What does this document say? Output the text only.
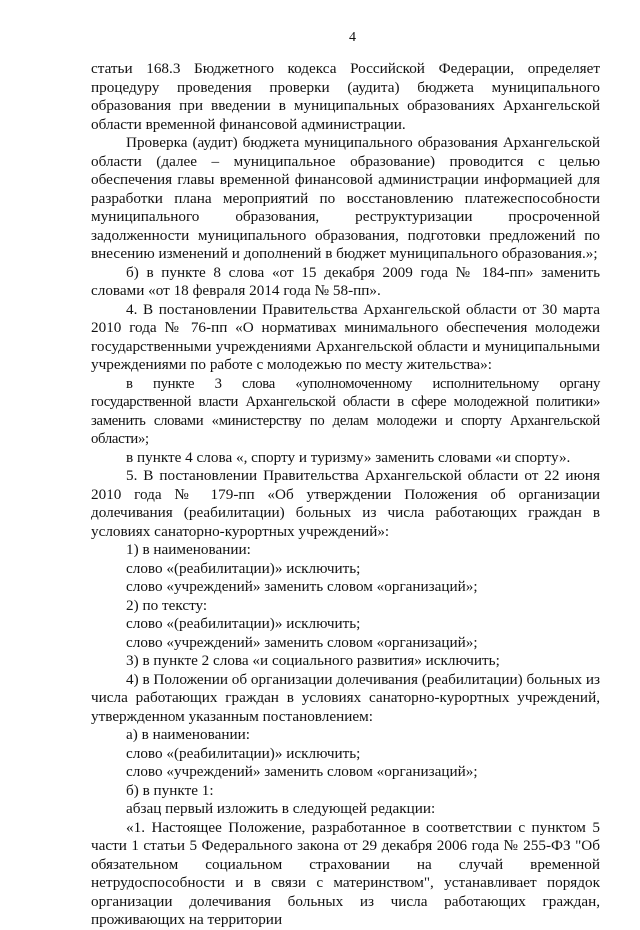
4

статьи 168.3 Бюджетного кодекса Российской Федерации, определяет процедуру проведения проверки (аудита) бюджета муниципального образования при введении в муниципальных образованиях Архангельской области временной финансовой администрации.

Проверка (аудит) бюджета муниципального образования Архангельской области (далее – муниципальное образование) проводится с целью обеспечения главы временной финансовой администрации информацией для разработки плана мероприятий по восстановлению платежеспособности муниципального образования, реструктуризации просроченной задолженности муниципального образования, подготовки предложений по внесению изменений и дополнений в бюджет муниципального образования.»;

б) в пункте 8 слова «от 15 декабря 2009 года № 184-пп» заменить словами «от 18 февраля 2014 года № 58-пп».

4. В постановлении Правительства Архангельской области от 30 марта 2010 года № 76-пп «О нормативах минимального обеспечения молодежи государственными учреждениями Архангельской области и муниципальными учреждениями по работе с молодежью по месту жительства»:

в пункте 3 слова «уполномоченному исполнительному органу государственной власти Архангельской области в сфере молодежной политики» заменить словами «министерству по делам молодежи и спорту Архангельской области»;

в пункте 4 слова «, спорту и туризму» заменить словами «и спорту».

5. В постановлении Правительства Архангельской области от 22 июня 2010 года № 179-пп «Об утверждении Положения об организации долечивания (реабилитации) больных из числа работающих граждан в условиях санаторно-курортных учреждений»:

1) в наименовании:

слово «(реабилитации)» исключить;

слово «учреждений» заменить словом «организаций»;

2) по тексту:

слово «(реабилитации)» исключить;

слово «учреждений» заменить словом «организаций»;

3) в пункте 2 слова «и социального развития» исключить;

4) в Положении об организации долечивания (реабилитации) больных из числа работающих граждан в условиях санаторно-курортных учреждений, утвержденном указанным постановлением:

а) в наименовании:

слово «(реабилитации)» исключить;

слово «учреждений» заменить словом «организаций»;

б) в пункте 1:

абзац первый изложить в следующей редакции:

«1. Настоящее Положение, разработанное в соответствии с пунктом 5 части 1 статьи 5 Федерального закона от 29 декабря 2006 года № 255-ФЗ "Об обязательном социальном страховании на случай временной нетрудоспособности и в связи с материнством", устанавливает порядок организации долечивания больных из числа работающих граждан, проживающих на территории
